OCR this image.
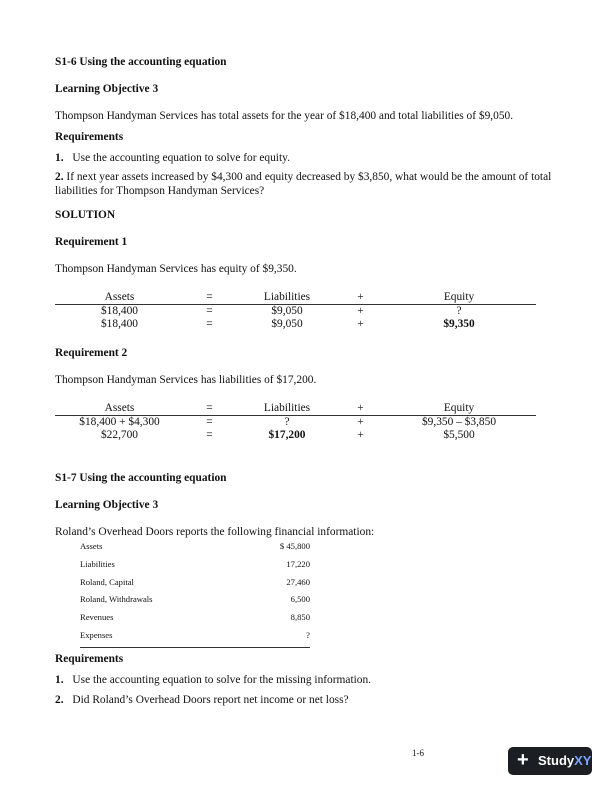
S1-6 Using the accounting equation
Learning Objective 3
Thompson Handyman Services has total assets for the year of $18,400 and total liabilities of $9,050.
Requirements
1. Use the accounting equation to solve for equity.
2. If next year assets increased by $4,300 and equity decreased by $3,850, what would be the amount of total liabilities for Thompson Handyman Services?
SOLUTION
Requirement 1
Thompson Handyman Services has equity of $9,350.
Assets	=	Liabilities	+	Equity
$18,400	=	$9,050	+	?
$18,400	=	$9,050	+	$9,350
Requirement 2
Thompson Handyman Services has liabilities of $17,200.
Assets	=	Liabilities	+	Equity
$18,400 + $4,300	=	?	+	$9,350 – $3,850
$22,700	=	$17,200	+	$5,500
S1-7 Using the accounting equation
Learning Objective 3
Roland’s Overhead Doors reports the following financial information:
Assets	$ 45,800
Liabilities	17,220
Roland, Capital	27,460
Roland, Withdrawals	6,500
Revenues	8,850
Expenses	?
Requirements
1. Use the accounting equation to solve for the missing information.
2. Did Roland’s Overhead Doors report net income or net loss?
1-6	+ StudyXY
